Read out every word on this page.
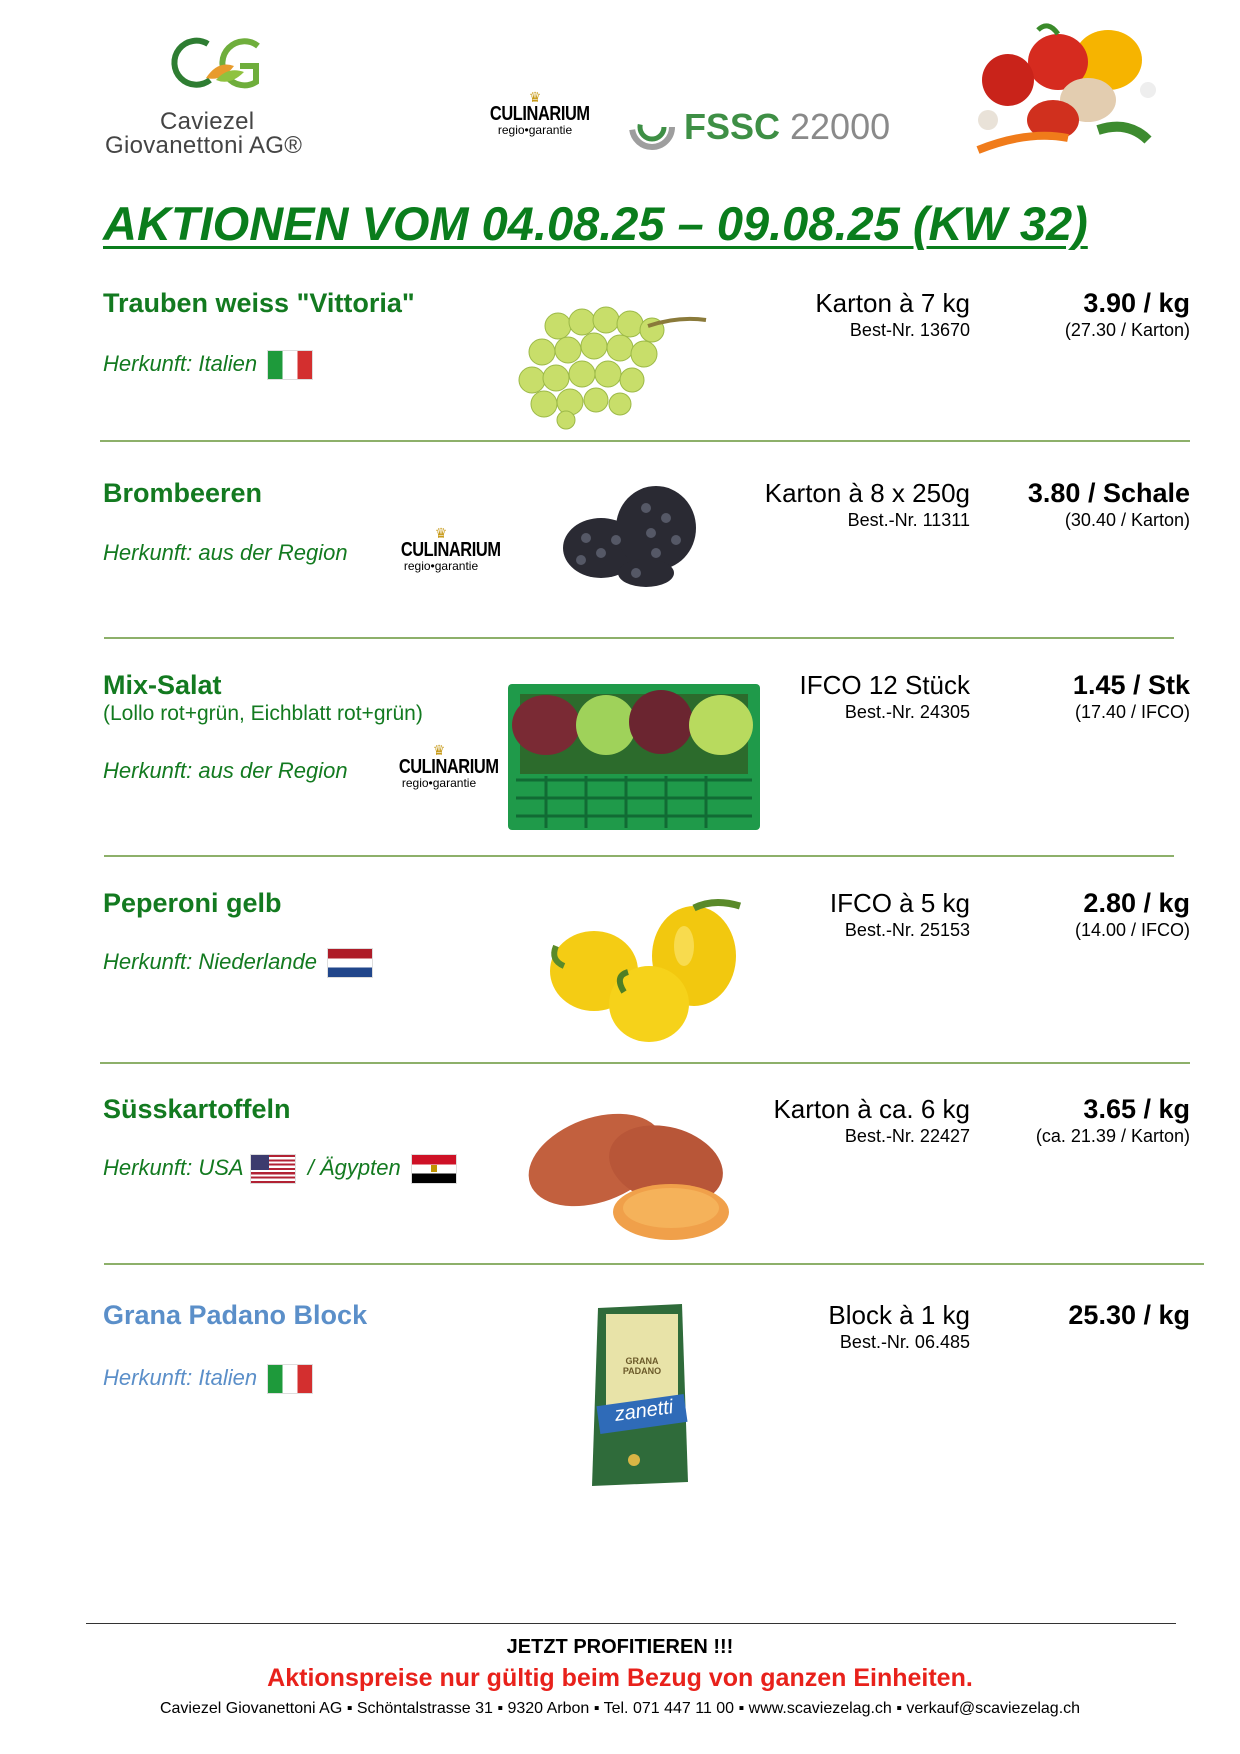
Caviezel
Giovanettoni AG®
♛
CULINARIUM
regio•garantie	FSSC 22000
AKTIONEN VOM 04.08.25 – 09.08.25 (KW 32)
Trauben weiss "Vittoria"
Herkunft: Italien
Karton à 7 kg
Best-Nr. 13670
3.90 / kg
(27.30 / Karton)
Brombeeren
Herkunft: aus der Region
♛
CULINARIUM
regio•garantie
Karton à 8 x 250g
Best.-Nr. 11311
3.80 / Schale
(30.40 / Karton)
Mix-Salat
(Lollo rot+grün, Eichblatt rot+grün)
Herkunft: aus der Region
♛
CULINARIUM
regio•garantie
IFCO 12 Stück
Best.-Nr. 24305
1.45 / Stk
(17.40 / IFCO)
Peperoni gelb
Herkunft: Niederlande
IFCO à 5 kg
Best.-Nr. 25153
2.80 / kg
(14.00 / IFCO)
Süsskartoffeln
Herkunft: USA	/ Ägypten
Karton à ca. 6 kg
Best.-Nr. 22427
3.65 / kg
(ca. 21.39 / Karton)
Grana Padano Block
Herkunft: Italien
GRANA PADANO
zanetti
Block à 1 kg
Best.-Nr. 06.485
25.30 / kg
JETZT PROFITIEREN !!!
Aktionspreise nur gültig beim Bezug von ganzen Einheiten.
Caviezel Giovanettoni AG ▪ Schöntalstrasse 31 ▪ 9320 Arbon ▪ Tel. 071 447 11 00 ▪ www.scaviezelag.ch ▪ verkauf@scaviezelag.ch
